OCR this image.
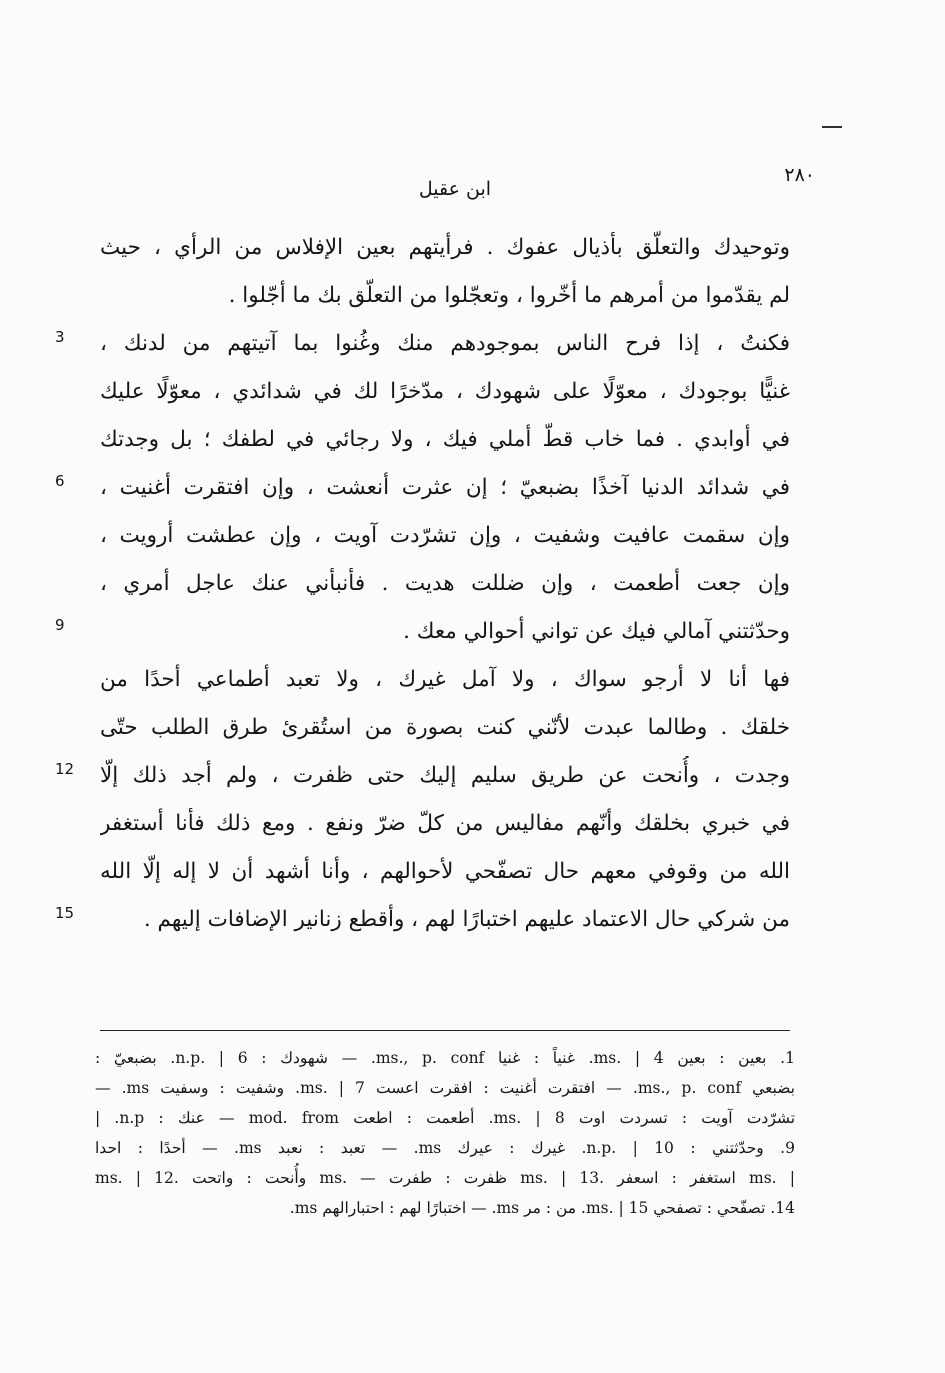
٢٨٠
ابن عقيل
وتوحيدك والتعلّق بأذيال عفوك . فرأيتهم بعين الإفلاس من الرأي ، حيث
لم يقدّموا من أمرهم ما أخّروا ، وتعجّلوا من التعلّق بك ما أجّلوا .
فكنتُ ، إذا فرح الناس بموجودهم منك وغُنوا بما آتيتهم من لدنك ،
غنيًّا بوجودك ، معوّلًا على شهودك ، مدّخرًا لك في شدائدي ، معوّلًا عليك
في أوابدي . فما خاب قطّ أملي فيك ، ولا رجائي في لطفك ؛ بل وجدتك
في شدائد الدنيا آخذًا بضبعيّ ؛ إن عثرت أنعشت ، وإن افتقرت أغنيت ،
وإن سقمت عافيت وشفيت ، وإن تشرّدت آويت ، وإن عطشت أرويت ،
وإن جعت أطعمت ، وإن ضللت هديت . فأنبأني عنك عاجل أمري ،
وحدّثتني آمالي فيك عن تواني أحوالي معك .
فها أنا لا أرجو سواك ، ولا آمل غيرك ، ولا تعبد أطماعي أحدًا من
خلقك . وطالما عبدت لأنّني كنت بصورة من استُقرئ طرق الطلب حتّى
وجدت ، وأُنحت عن طريق سليم إليك حتى ظفرت ، ولم أجد ذلك إلّا
في خبري بخلقك وأنّهم مفاليس من كلّ ضرّ ونفع . ومع ذلك فأنا أستغفر
الله من وقوفي معهم حال تصفّحي لأحوالهم ، وأنا أشهد أن لا إله إلّا الله
من شركي حال الاعتماد عليهم اختبارًا لهم ، وأقطع زنانير الإضافات إليهم .
3
6
9
12
15
1. بعين : بعين ms. | 4. غنياً : غنيا ms., p. conf. — شهودك : n.p. | 6. بضبعيّ :
بضبعي ms., p. conf. — افتقرت أغنيت : افقرت اعست ms. | 7. وشفيت : وسفيت ms. —
تشرّدت آويت : تسردت اوت ms. | 8. أطعمت : اطعت mod. from — عنك : n.p. |
9. وحدّثتني : n.p. | 10. غيرك : عيرك ms. — تعبد : نعبد ms. — أحدًا : احدا
ms. | 12. وأُنحت : واتحت ms. — ظفرت : طفرت ms. | 13. استغفر : اسعفر ms. |
14. تصفّحي : تصفحي ms. | 15. من : مر ms. — اختبارًا لهم : احتبارالهم ms.
